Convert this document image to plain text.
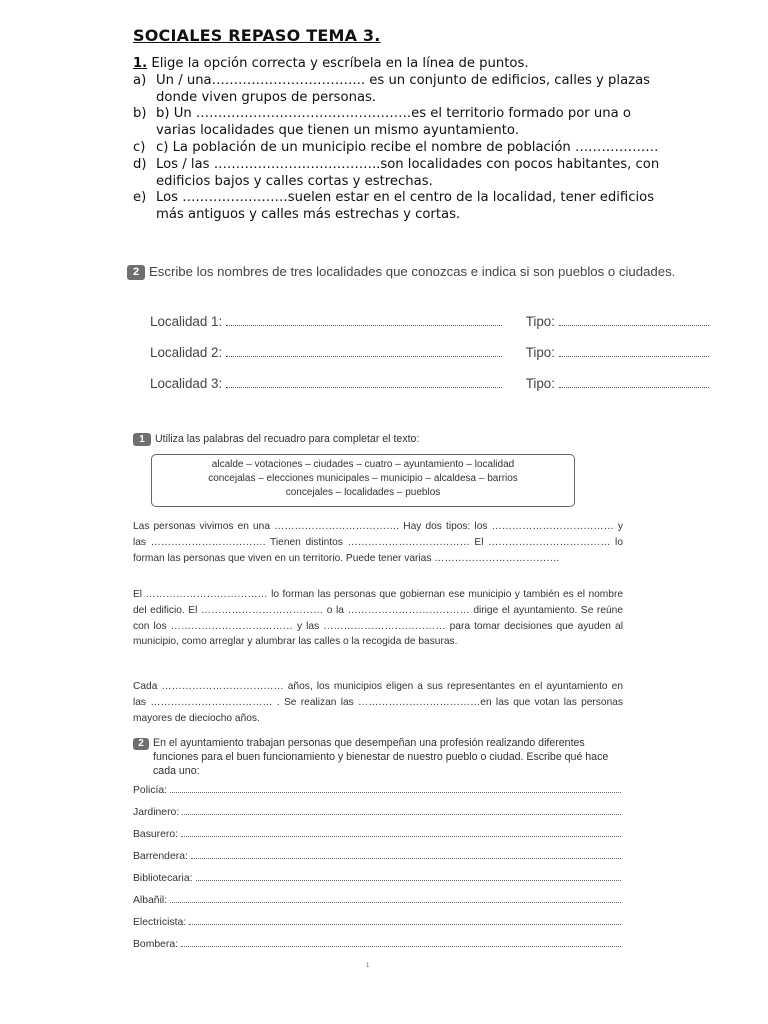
SOCIALES REPASO TEMA 3.
1. Elige la opción correcta y escríbela en la línea de puntos.
a) Un / una…………………………….. es un conjunto de edificios, calles y plazas donde viven grupos de personas.
b) b) Un ………………………………………….es el territorio formado por una o varias localidades que tienen un mismo ayuntamiento.
c) c) La población de un municipio recibe el nombre de población ……………….
d) Los / las ………………………………..son localidades con pocos habitantes, con edificios bajos y calles cortas y estrechas.
e) Los ……………………suelen estar en el centro de la localidad, tener edificios más antiguos y calles más estrechas y cortas.
2 Escribe los nombres de tres localidades que conozcas e indica si son pueblos o ciudades.
Localidad 1:	Tipo:
Localidad 2:	Tipo:
Localidad 3:	Tipo:
1 Utiliza las palabras del recuadro para completar el texto:
alcalde – votaciones – ciudades – cuatro – ayuntamiento – localidad
concejalas – elecciones municipales – municipio – alcaldesa – barrios
concejales – localidades – pueblos
Las personas vivimos en una ………………………………. Hay dos tipos: los ……………………………… y las ……………………………. Tienen distintos ……………………………… El ……………………………… lo forman las personas que viven en un territorio. Puede tener varias ……………………………….
El ……………………………… lo forman las personas que gobiernan ese municipio y también es el nombre del edificio. El ……………………………… o la ……………………………… dirige el ayuntamiento. Se reúne con los ……………………………… y las ……………………………… para tomar decisiones que ayuden al municipio, como arreglar y alumbrar las calles o la recogida de basuras.
Cada ……………………………… años, los municipios eligen a sus representantes en el ayuntamiento en las ……………………………… . Se realizan las ………………………………en las que votan las personas mayores de dieciocho años.
2 En el ayuntamiento trabajan personas que desempeñan una profesión realizando diferentes funciones para el buen funcionamiento y bienestar de nuestro pueblo o ciudad. Escribe qué hace cada uno:
Policía:
Jardinero:
Basurero:
Barrendera:
Bibliotecaria:
Albañil:
Electricista:
Bombera:
1
